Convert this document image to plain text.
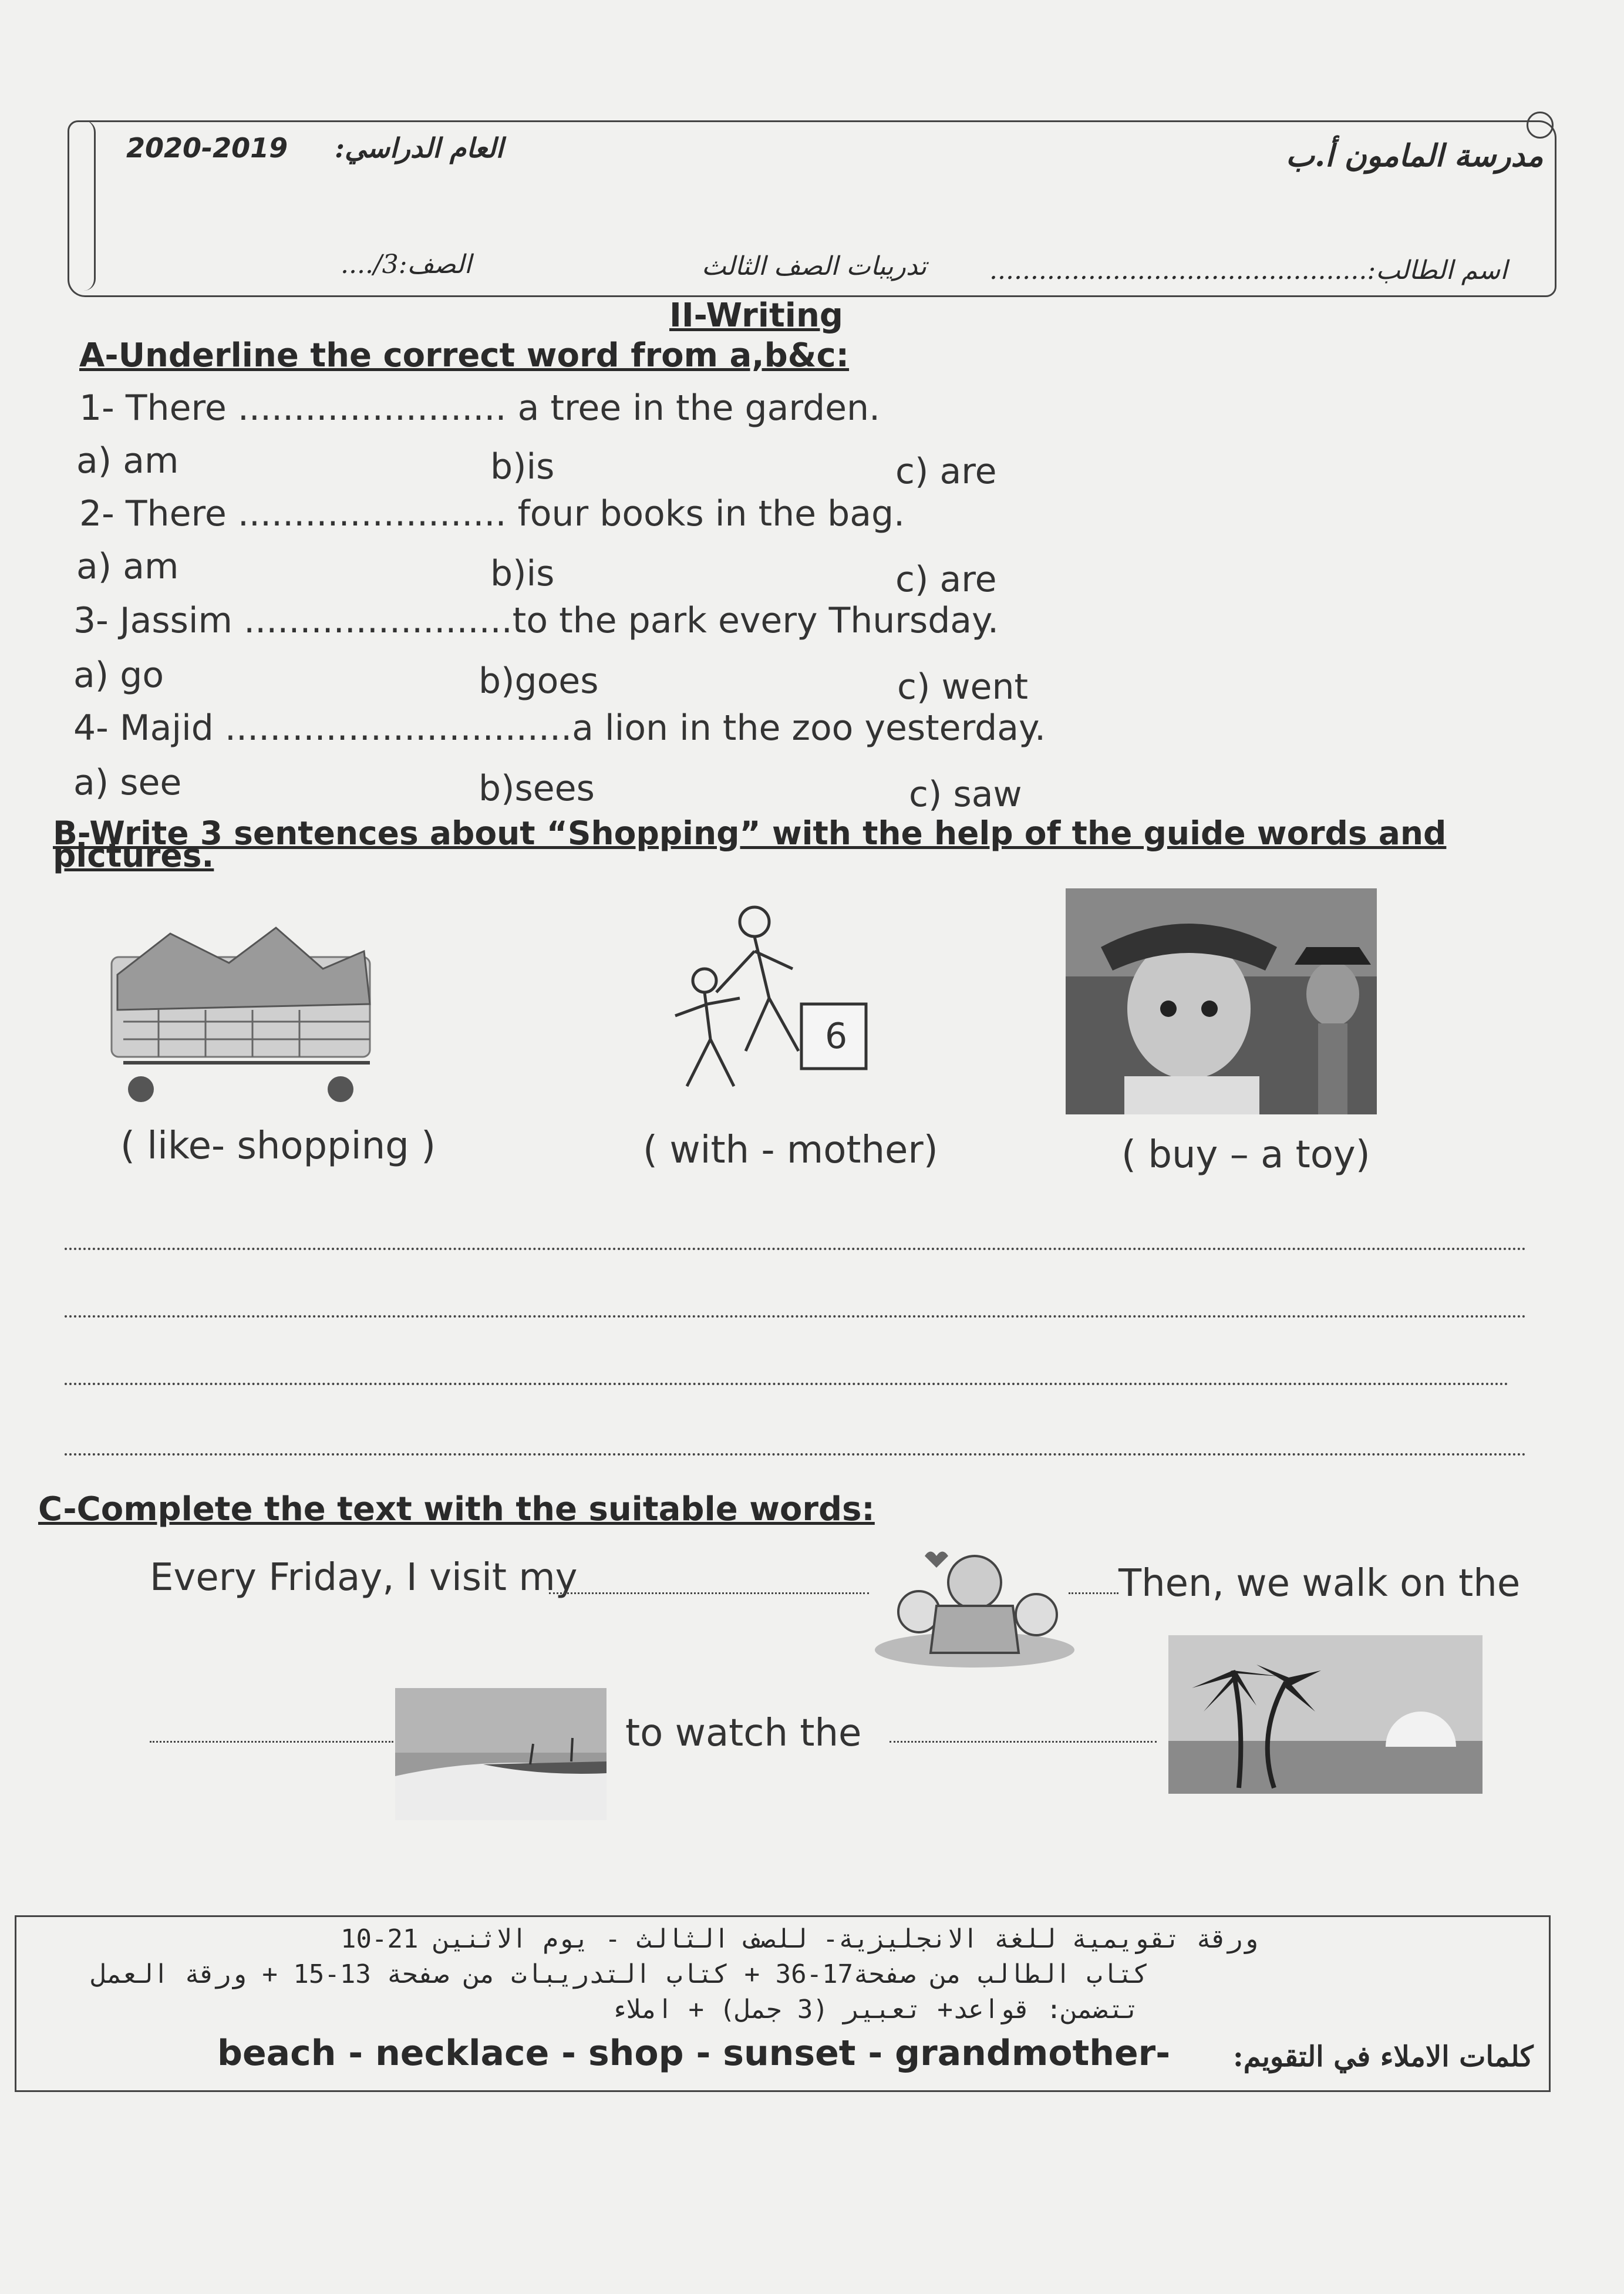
العام الدراسي:
2020-2019	مدرسة المامون أ.ب
الصف:3/....	تدريبات الصف الثالث اسم الطالب:..............................................
II-Writing
A-Underline the correct word from a,b&c:
1- There ........................ a tree in the garden.
a) am	b)is	c) are
2- There ........................ four books in the bag.
a) am	b)is	c) are
3- Jassim ........................to the park every Thursday.
a) go	b)goes	c) went
4- Majid ...............................a lion in the zoo yesterday.
a) see	b)sees	c) saw
B-Write 3 sentences about “Shopping” with the help of the guide words and pictures.
6
( like- shopping )	( with - mother)	( buy – a toy)
C-Complete the text with the suitable words:
Every Friday, I visit my	Then, we walk on the
to watch the
ورقة تقويمية للغة الانجليزية- للصف الثالث - يوم الاثنين 21-10
كتاب الطالب من صفحة17-36 + كتاب التدريبات من صفحة 13-15 + ورقة العمل
تتضمن: قواعد+ تعبير (3 جمل) + املاء
beach - necklace - shop - sunset - grandmother- كلمات الاملاء في التقويم:
